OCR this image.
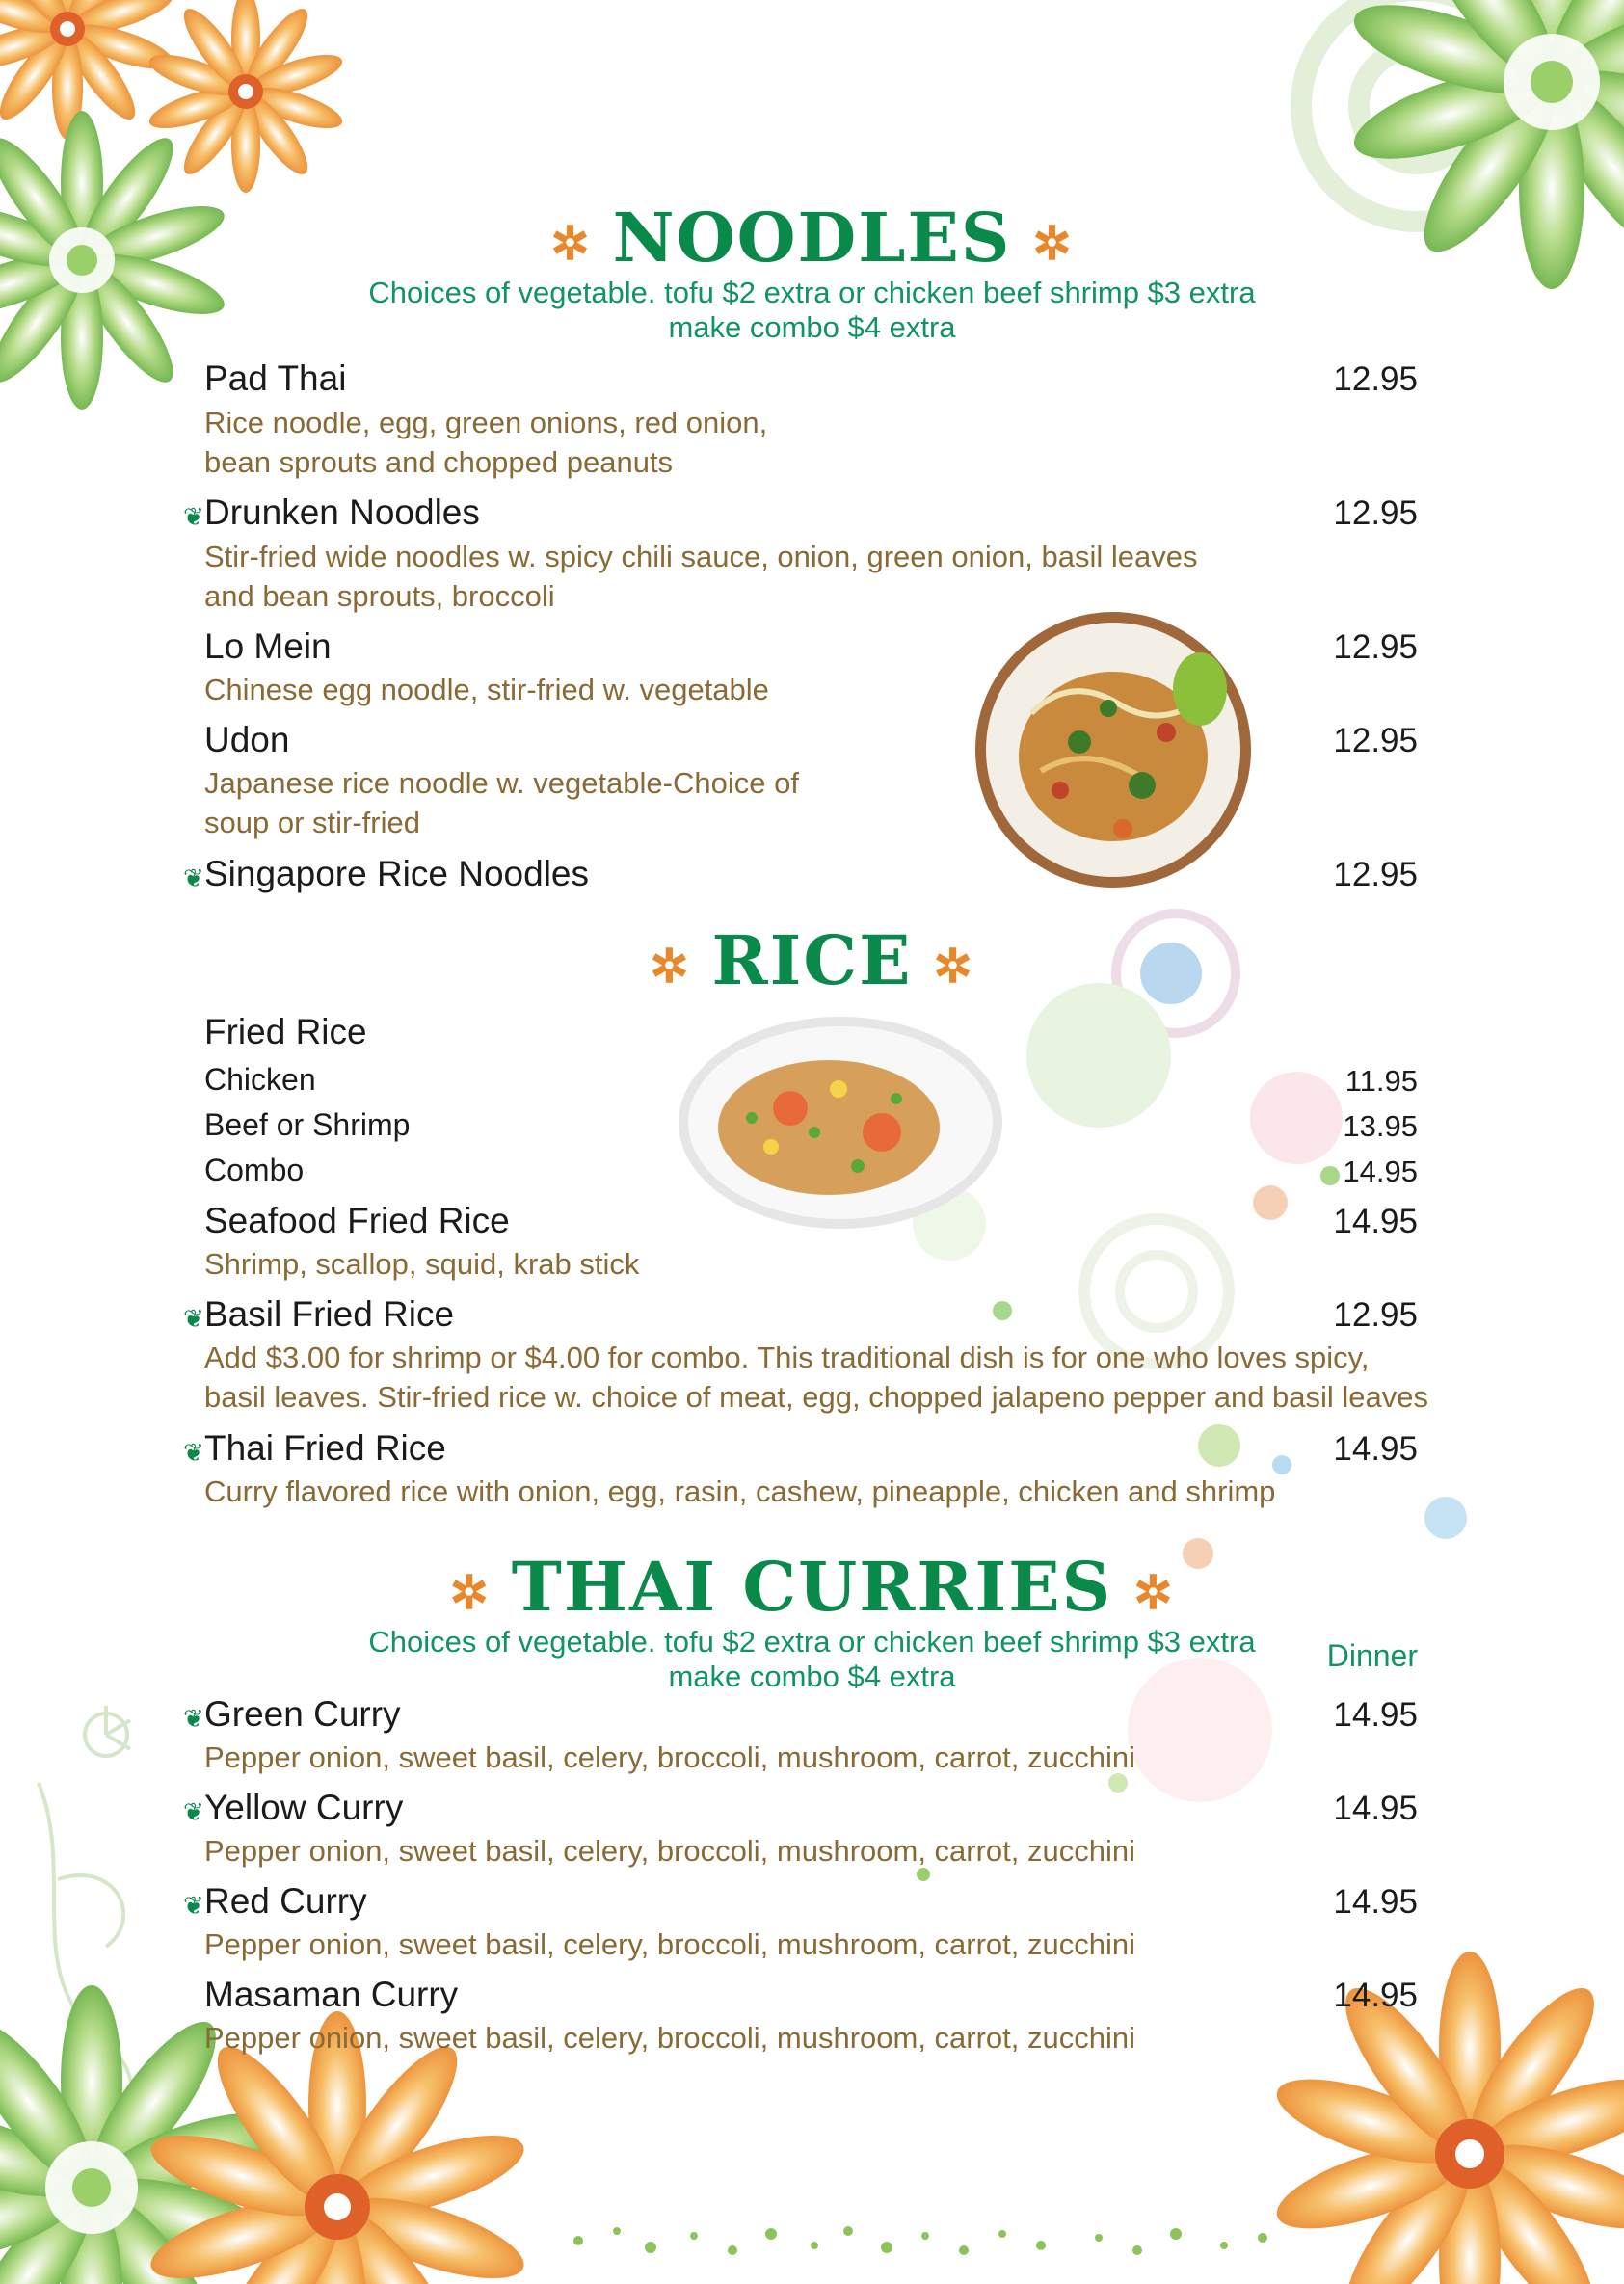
✲ NOODLES ✲
Choices of vegetable. tofu $2 extra or chicken beef shrimp $3 extra
make combo $4 extra
Pad Thai	12.95
Rice noodle, egg, green onions, red onion,
bean sprouts and chopped peanuts
❦ Drunken Noodles	12.95
Stir-fried wide noodles w. spicy chili sauce, onion, green onion, basil leaves
and bean sprouts, broccoli
Lo Mein	12.95
Chinese egg noodle, stir-fried w. vegetable
Udon	12.95
Japanese rice noodle w. vegetable-Choice of
soup or stir-fried
❦ Singapore Rice Noodles	12.95
✲ RICE ✲
Fried Rice
Chicken	11.95
Beef or Shrimp	13.95
Combo	14.95
Seafood Fried Rice	14.95
Shrimp, scallop, squid, krab stick
❦ Basil Fried Rice	12.95
Add $3.00 for shrimp or $4.00 for combo. This traditional dish is for one who loves spicy,
basil leaves. Stir-fried rice w. choice of meat, egg, chopped jalapeno pepper and basil leaves
❦ Thai Fried Rice	14.95
Curry flavored rice with onion, egg, rasin, cashew, pineapple, chicken and shrimp
✲ THAI CURRIES ✲
Choices of vegetable. tofu $2 extra or chicken beef shrimp $3 extra
make combo $4 extra
Dinner
❦ Green Curry	14.95
Pepper onion, sweet basil, celery, broccoli, mushroom, carrot, zucchini
❦ Yellow Curry	14.95
Pepper onion, sweet basil, celery, broccoli, mushroom, carrot, zucchini
❦ Red Curry	14.95
Pepper onion, sweet basil, celery, broccoli, mushroom, carrot, zucchini
Masaman Curry	14.95
Pepper onion, sweet basil, celery, broccoli, mushroom, carrot, zucchini
